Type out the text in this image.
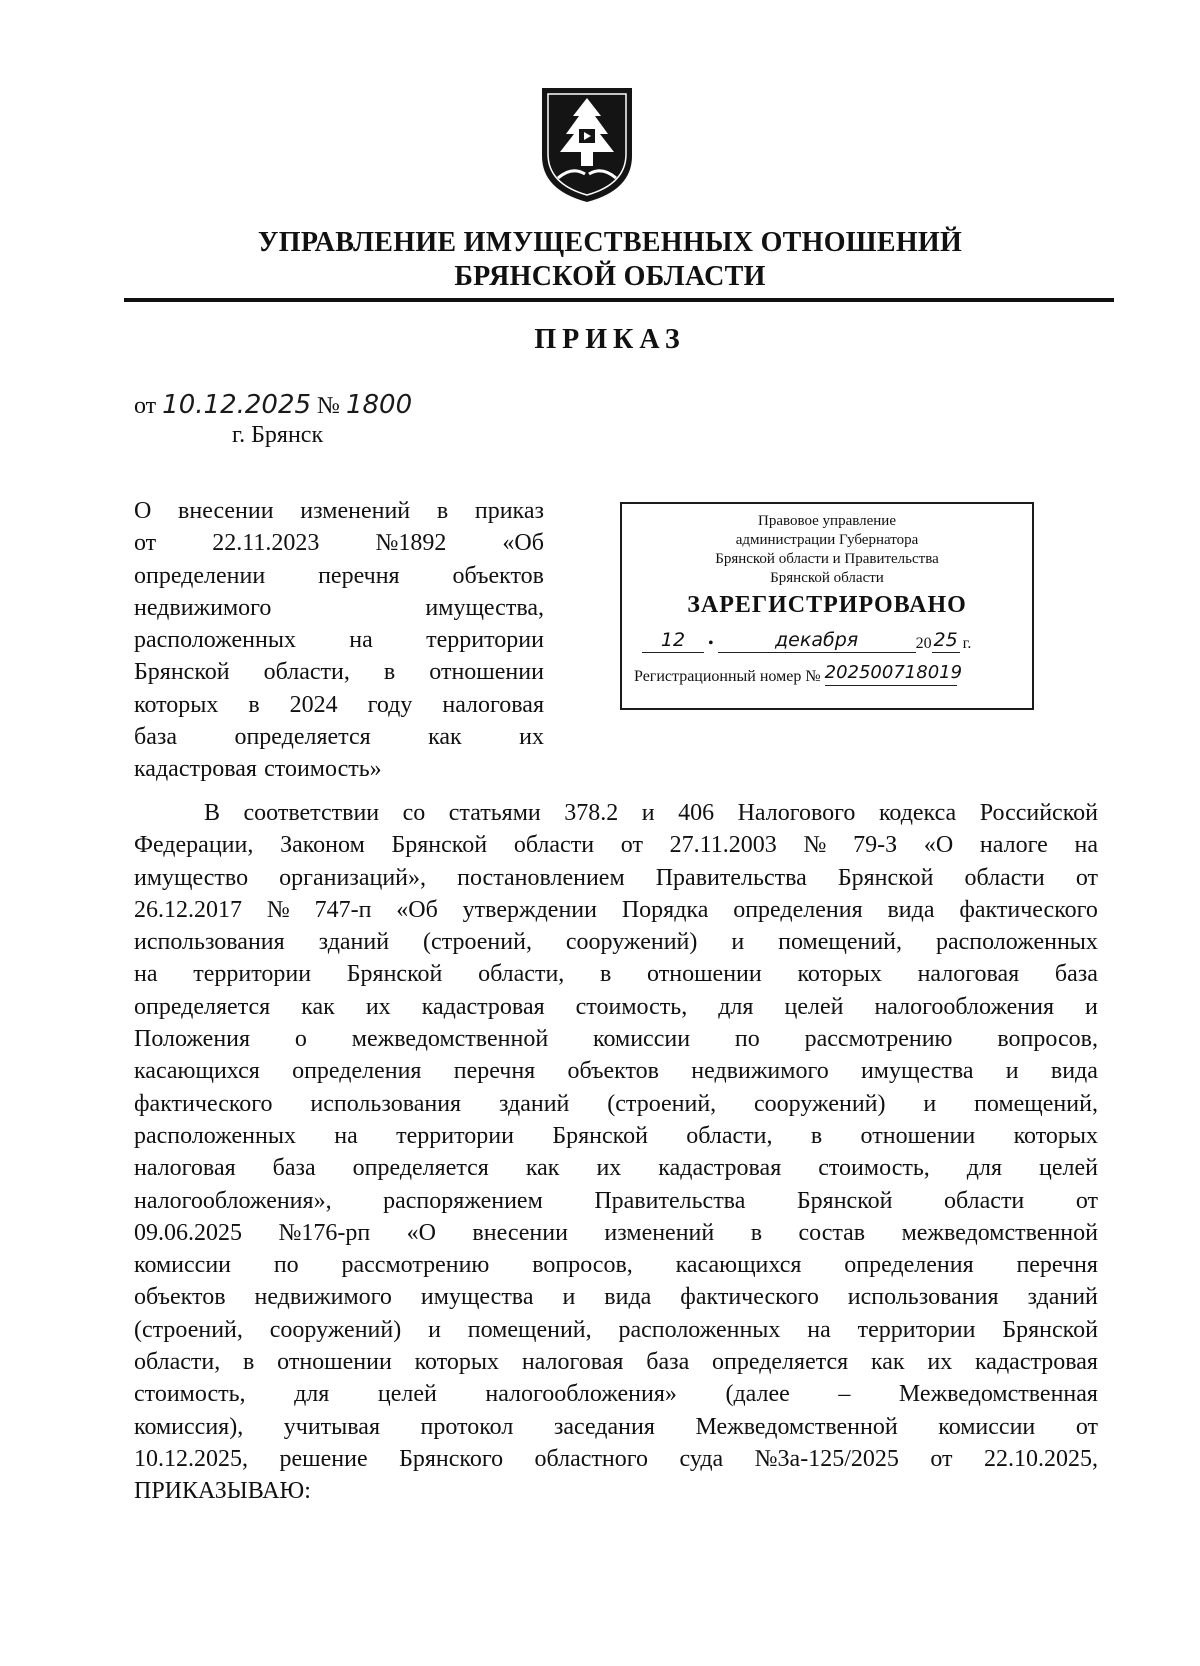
УПРАВЛЕНИЕ ИМУЩЕСТВЕННЫХ ОТНОШЕНИЙ
БРЯНСКОЙ ОБЛАСТИ
ПРИКАЗ
от 10.12.2025 № 1800
г. Брянск
О внесении изменений в приказ
от 22.11.2023 №1892 «Об
определении перечня объектов
недвижимого	имущества,
расположенных на территории
Брянской области, в отношении
которых в 2024 году налоговая
база определяется как их
кадастровая стоимость»
Правовое управление
администрации Губернатора
Брянской области и Правительства
Брянской области
ЗАРЕГИСТРИРОВАНО
12	•	декабря	20 25 г.
Регистрационный номер № 202500718019
В соответствии со статьями 378.2 и 406 Налогового кодекса Российской
Федерации, Законом Брянской области от 27.11.2003 № 79-З «О налоге на
имущество организаций», постановлением Правительства Брянской области от
26.12.2017 № 747-п «Об утверждении Порядка определения вида фактического
использования зданий (строений, сооружений) и помещений, расположенных
на территории Брянской области, в отношении которых налоговая база
определяется как их кадастровая стоимость, для целей налогообложения и
Положения о межведомственной комиссии по рассмотрению вопросов,
касающихся определения перечня объектов недвижимого имущества и вида
фактического использования зданий (строений, сооружений) и помещений,
расположенных на территории Брянской области, в отношении которых
налоговая база определяется как их кадастровая стоимость, для целей
налогообложения», распоряжением Правительства Брянской области от
09.06.2025 №176-рп «О внесении изменений в состав межведомственной
комиссии по рассмотрению вопросов, касающихся определения перечня
объектов недвижимого имущества и вида фактического использования зданий
(строений, сооружений) и помещений, расположенных на территории Брянской
области, в отношении которых налоговая база определяется как их кадастровая
стоимость, для целей налогообложения» (далее – Межведомственная
комиссия), учитывая протокол заседания Межведомственной комиссии от
10.12.2025, решение Брянского областного суда №3а-125/2025 от 22.10.2025,
ПРИКАЗЫВАЮ:
